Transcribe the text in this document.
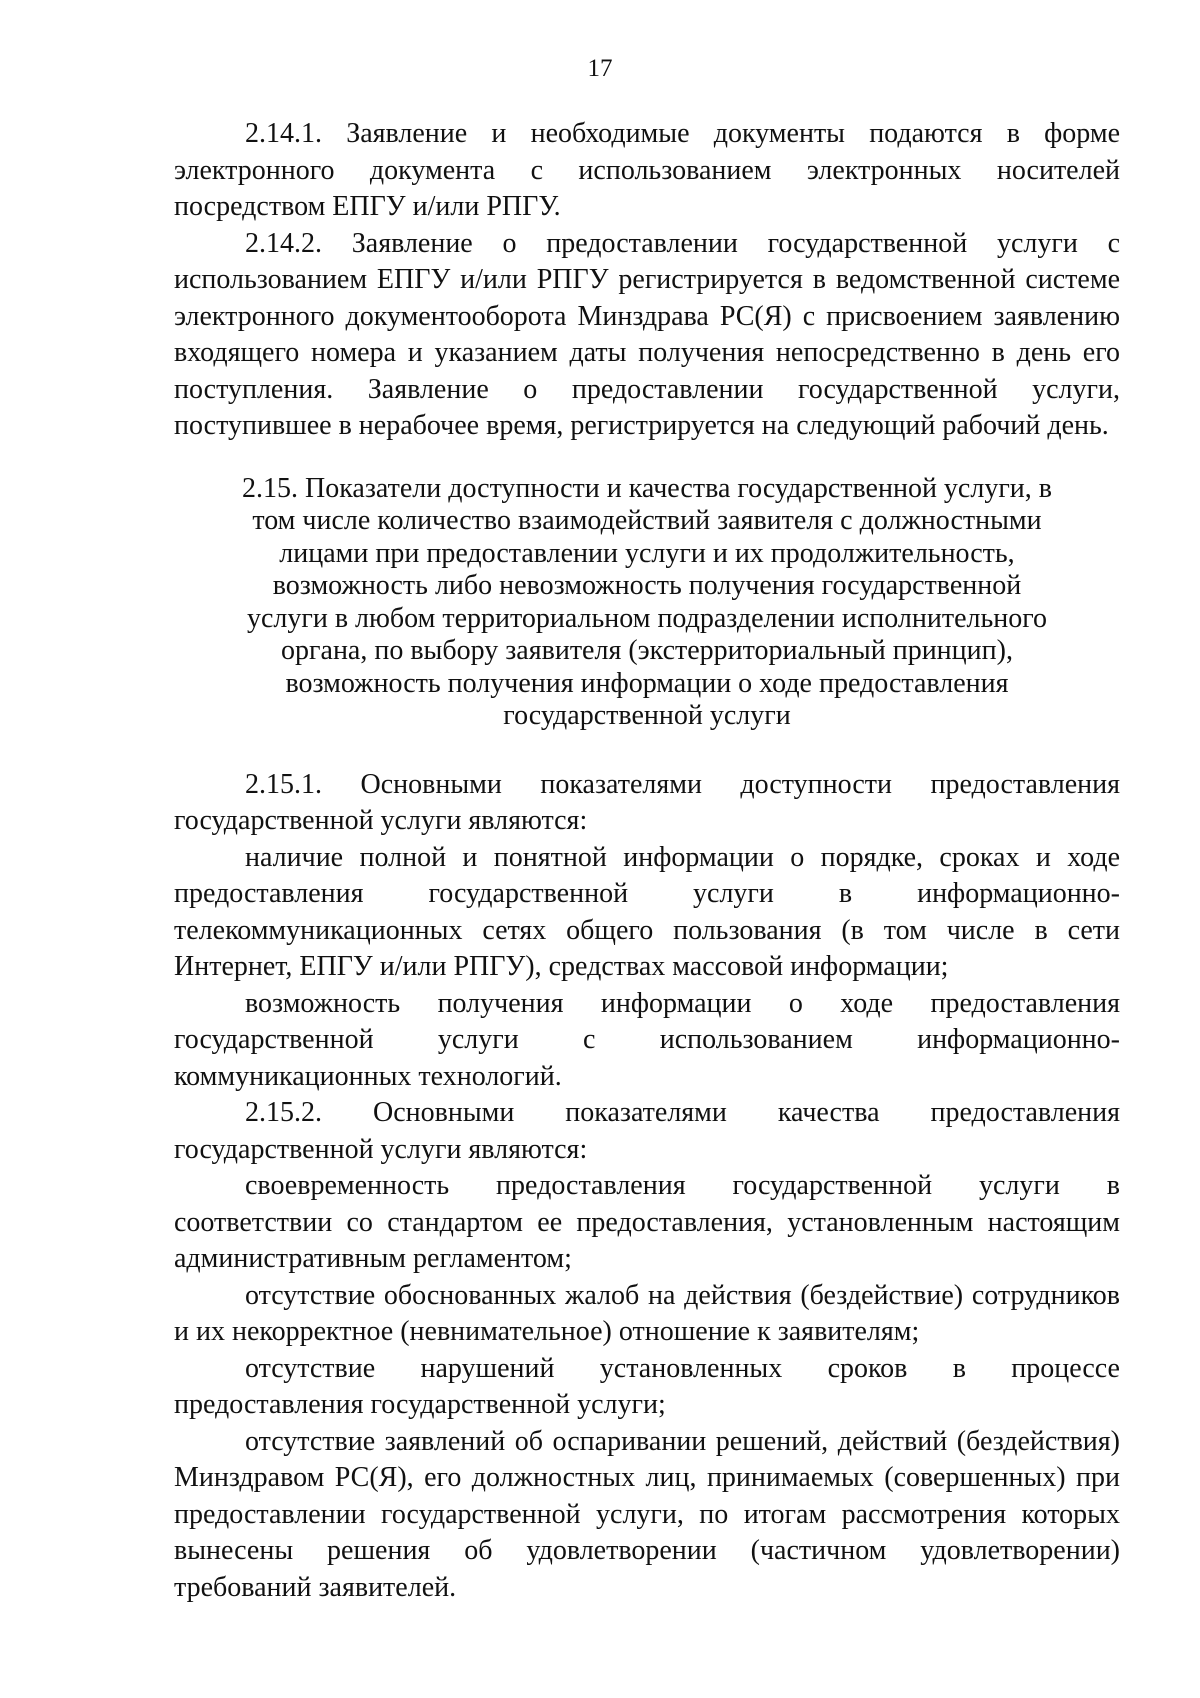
17

2.14.1. Заявление и необходимые документы подаются в форме электронного документа с использованием электронных носителей посредством ЕПГУ и/или РПГУ.

2.14.2. Заявление о предоставлении государственной услуги с использованием ЕПГУ и/или РПГУ регистрируется в ведомственной системе электронного документооборота Минздрава РС(Я) с присвоением заявлению входящего номера и указанием даты получения непосредственно в день его поступления. Заявление о предоставлении государственной услуги, поступившее в нерабочее время, регистрируется на следующий рабочий день.

2.15. Показатели доступности и качества государственной услуги, в том числе количество взаимодействий заявителя с должностными лицами при предоставлении услуги и их продолжительность, возможность либо невозможность получения государственной услуги в любом территориальном подразделении исполнительного органа, по выбору заявителя (экстерриториальный принцип), возможность получения информации о ходе предоставления государственной услуги

2.15.1. Основными показателями доступности предоставления государственной услуги являются:

наличие полной и понятной информации о порядке, сроках и ходе предоставления государственной услуги в информационно-телекоммуникационных сетях общего пользования (в том числе в сети Интернет, ЕПГУ и/или РПГУ), средствах массовой информации;

возможность получения информации о ходе предоставления государственной услуги с использованием информационно-коммуникационных технологий.

2.15.2. Основными показателями качества предоставления государственной услуги являются:

своевременность предоставления государственной услуги в соответствии со стандартом ее предоставления, установленным настоящим административным регламентом;

отсутствие обоснованных жалоб на действия (бездействие) сотрудников и их некорректное (невнимательное) отношение к заявителям;

отсутствие нарушений установленных сроков в процессе предоставления государственной услуги;

отсутствие заявлений об оспаривании решений, действий (бездействия) Минздравом РС(Я), его должностных лиц, принимаемых (совершенных) при предоставлении государственной услуги, по итогам рассмотрения которых вынесены решения об удовлетворении (частичном удовлетворении) требований заявителей.
